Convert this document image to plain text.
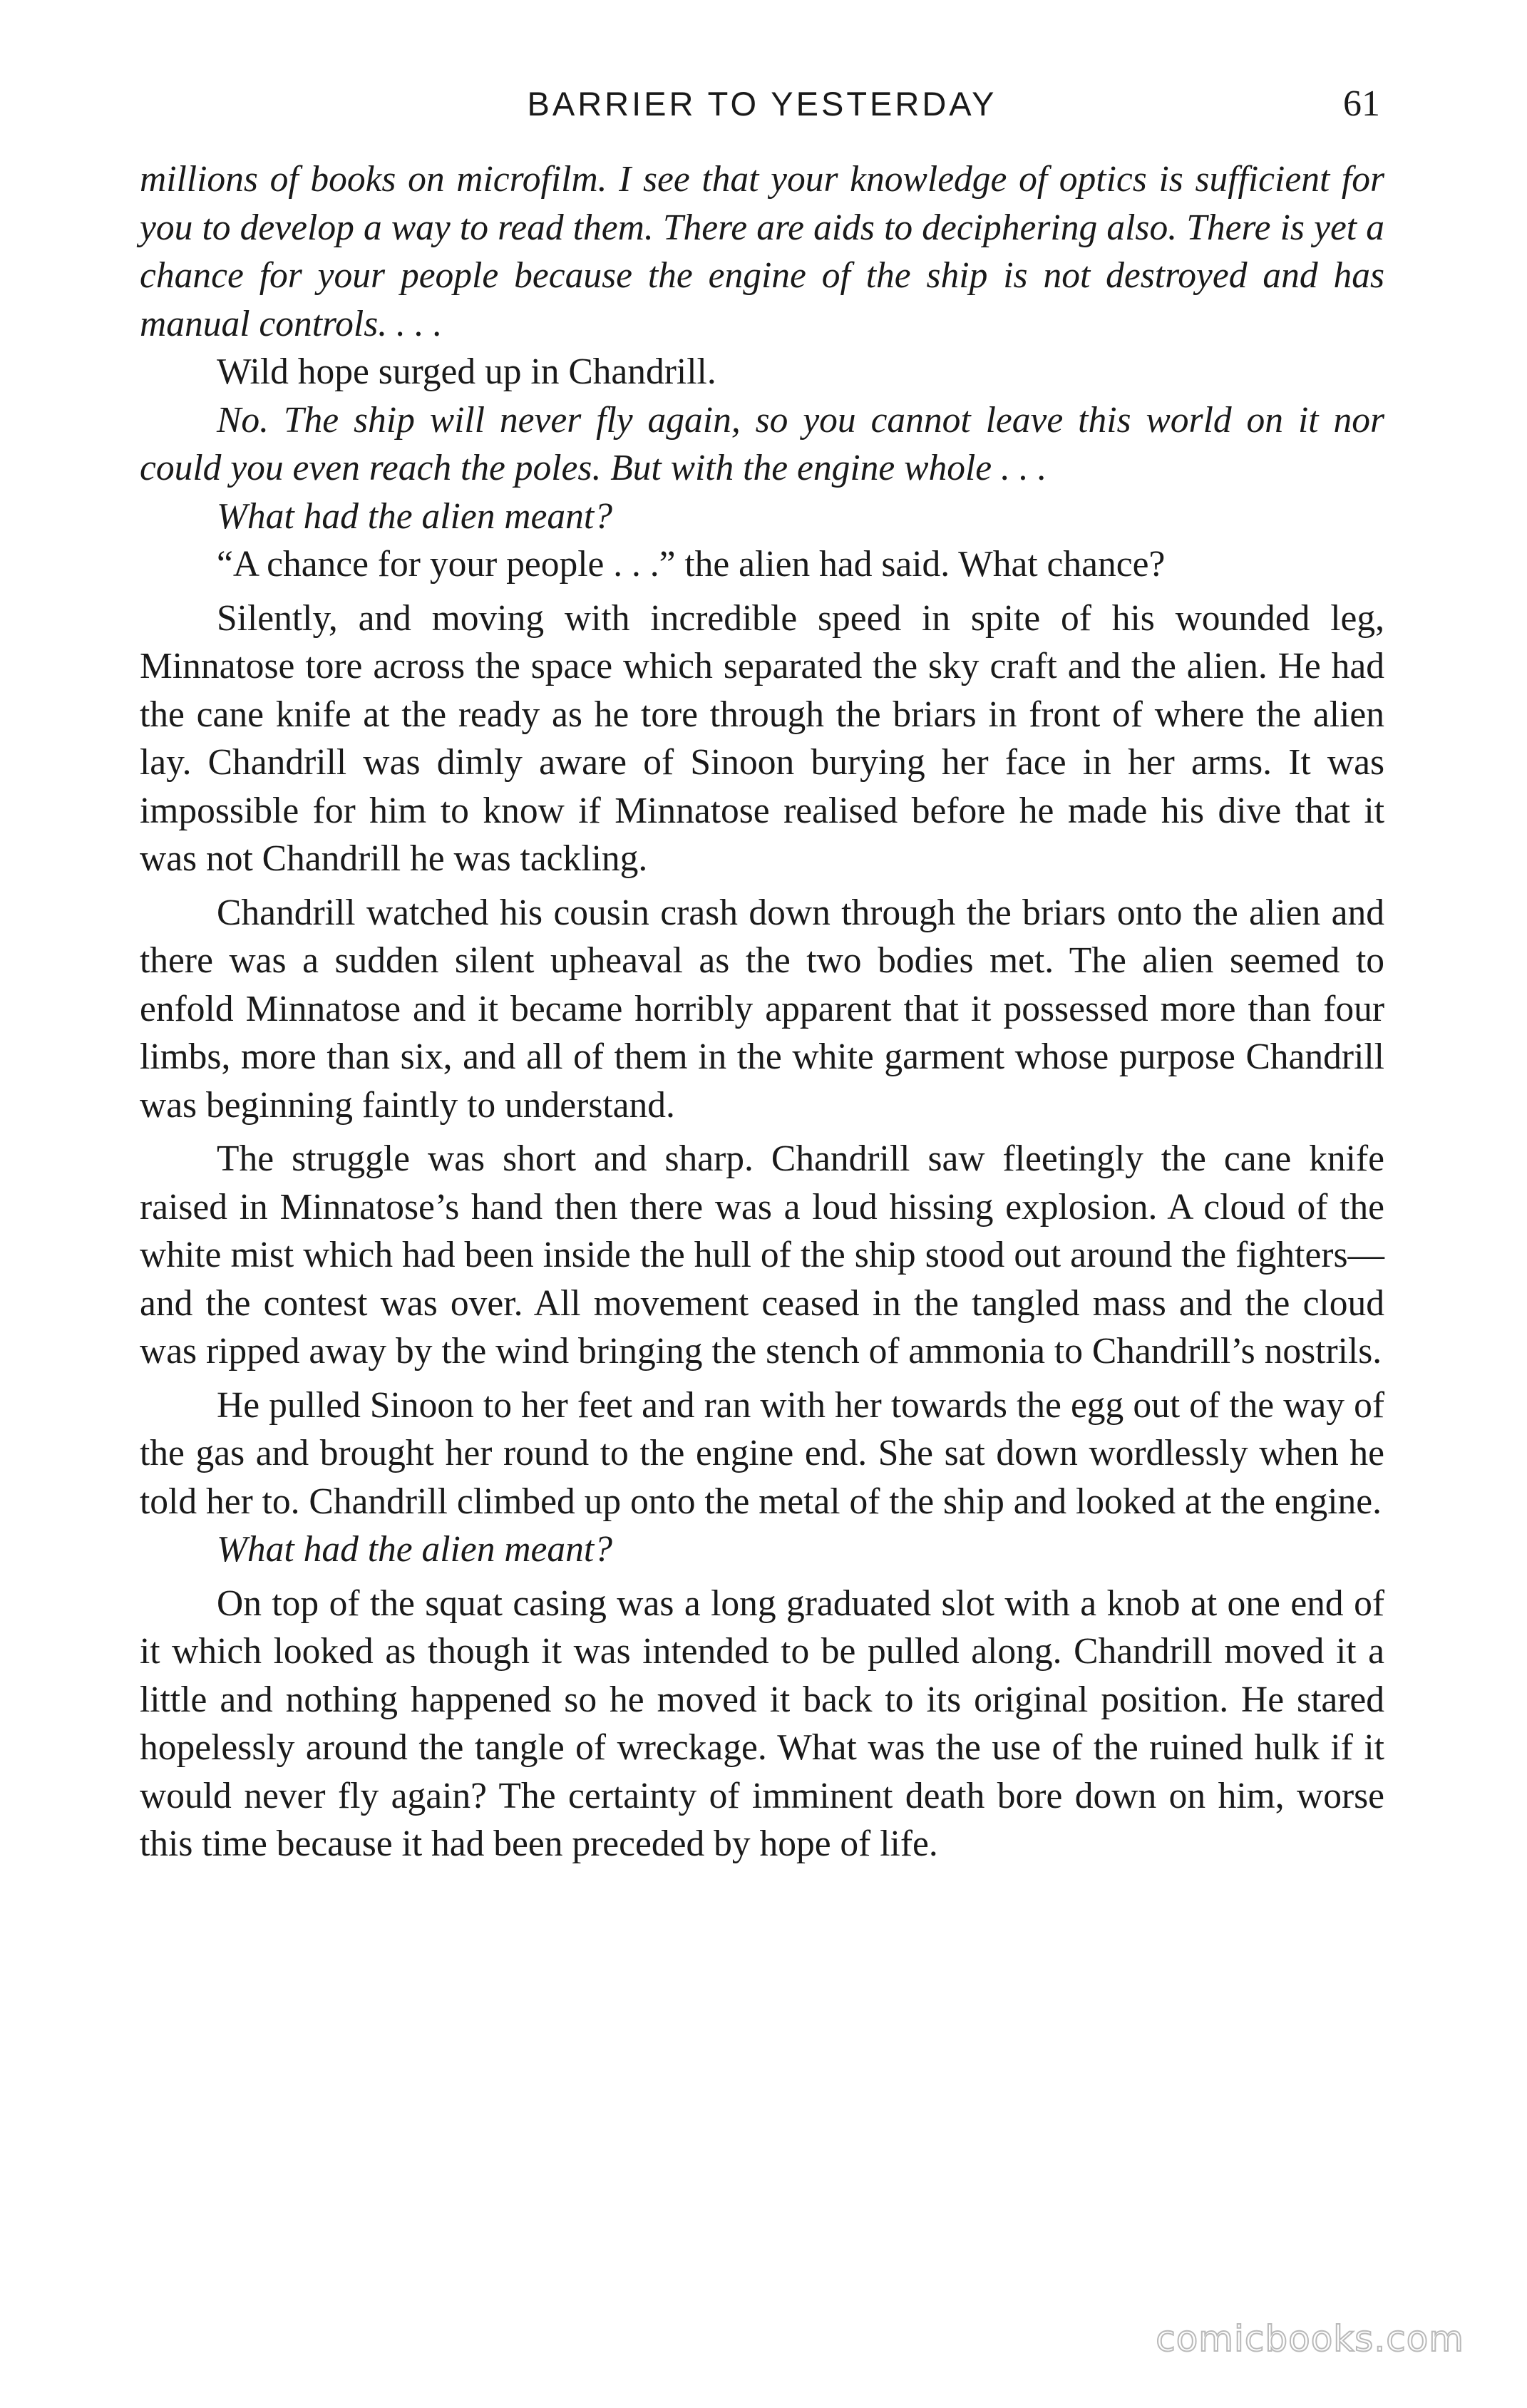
BARRIER TO YESTERDAY	61

millions of books on microfilm. I see that your knowledge of optics is sufficient for you to develop a way to read them. There are aids to deciphering also. There is yet a chance for your people because the engine of the ship is not destroyed and has manual controls. . . .

Wild hope surged up in Chandrill.

No. The ship will never fly again, so you cannot leave this world on it nor could you even reach the poles. But with the engine whole . . .

What had the alien meant?

“A chance for your people . . .” the alien had said. What chance?

Silently, and moving with incredible speed in spite of his wounded leg, Minnatose tore across the space which separated the sky craft and the alien. He had the cane knife at the ready as he tore through the briars in front of where the alien lay. Chandrill was dimly aware of Sinoon burying her face in her arms. It was impossible for him to know if Minnatose realised before he made his dive that it was not Chandrill he was tackling.

Chandrill watched his cousin crash down through the briars onto the alien and there was a sudden silent upheaval as the two bodies met. The alien seemed to enfold Minnatose and it became horribly apparent that it possessed more than four limbs, more than six, and all of them in the white garment whose purpose Chandrill was beginning faintly to understand.

The struggle was short and sharp. Chandrill saw fleetingly the cane knife raised in Minnatose’s hand then there was a loud hissing explosion. A cloud of the white mist which had been inside the hull of the ship stood out around the fighters—and the contest was over. All movement ceased in the tangled mass and the cloud was ripped away by the wind bringing the stench of ammonia to Chandrill’s nostrils.

He pulled Sinoon to her feet and ran with her towards the egg out of the way of the gas and brought her round to the engine end. She sat down wordlessly when he told her to. Chandrill climbed up onto the metal of the ship and looked at the engine.

What had the alien meant?

On top of the squat casing was a long graduated slot with a knob at one end of it which looked as though it was intended to be pulled along. Chandrill moved it a little and nothing happened so he moved it back to its original position. He stared hopelessly around the tangle of wreckage. What was the use of the ruined hulk if it would never fly again? The certainty of imminent death bore down on him, worse this time because it had been preceded by hope of life.

comicbooks.com
